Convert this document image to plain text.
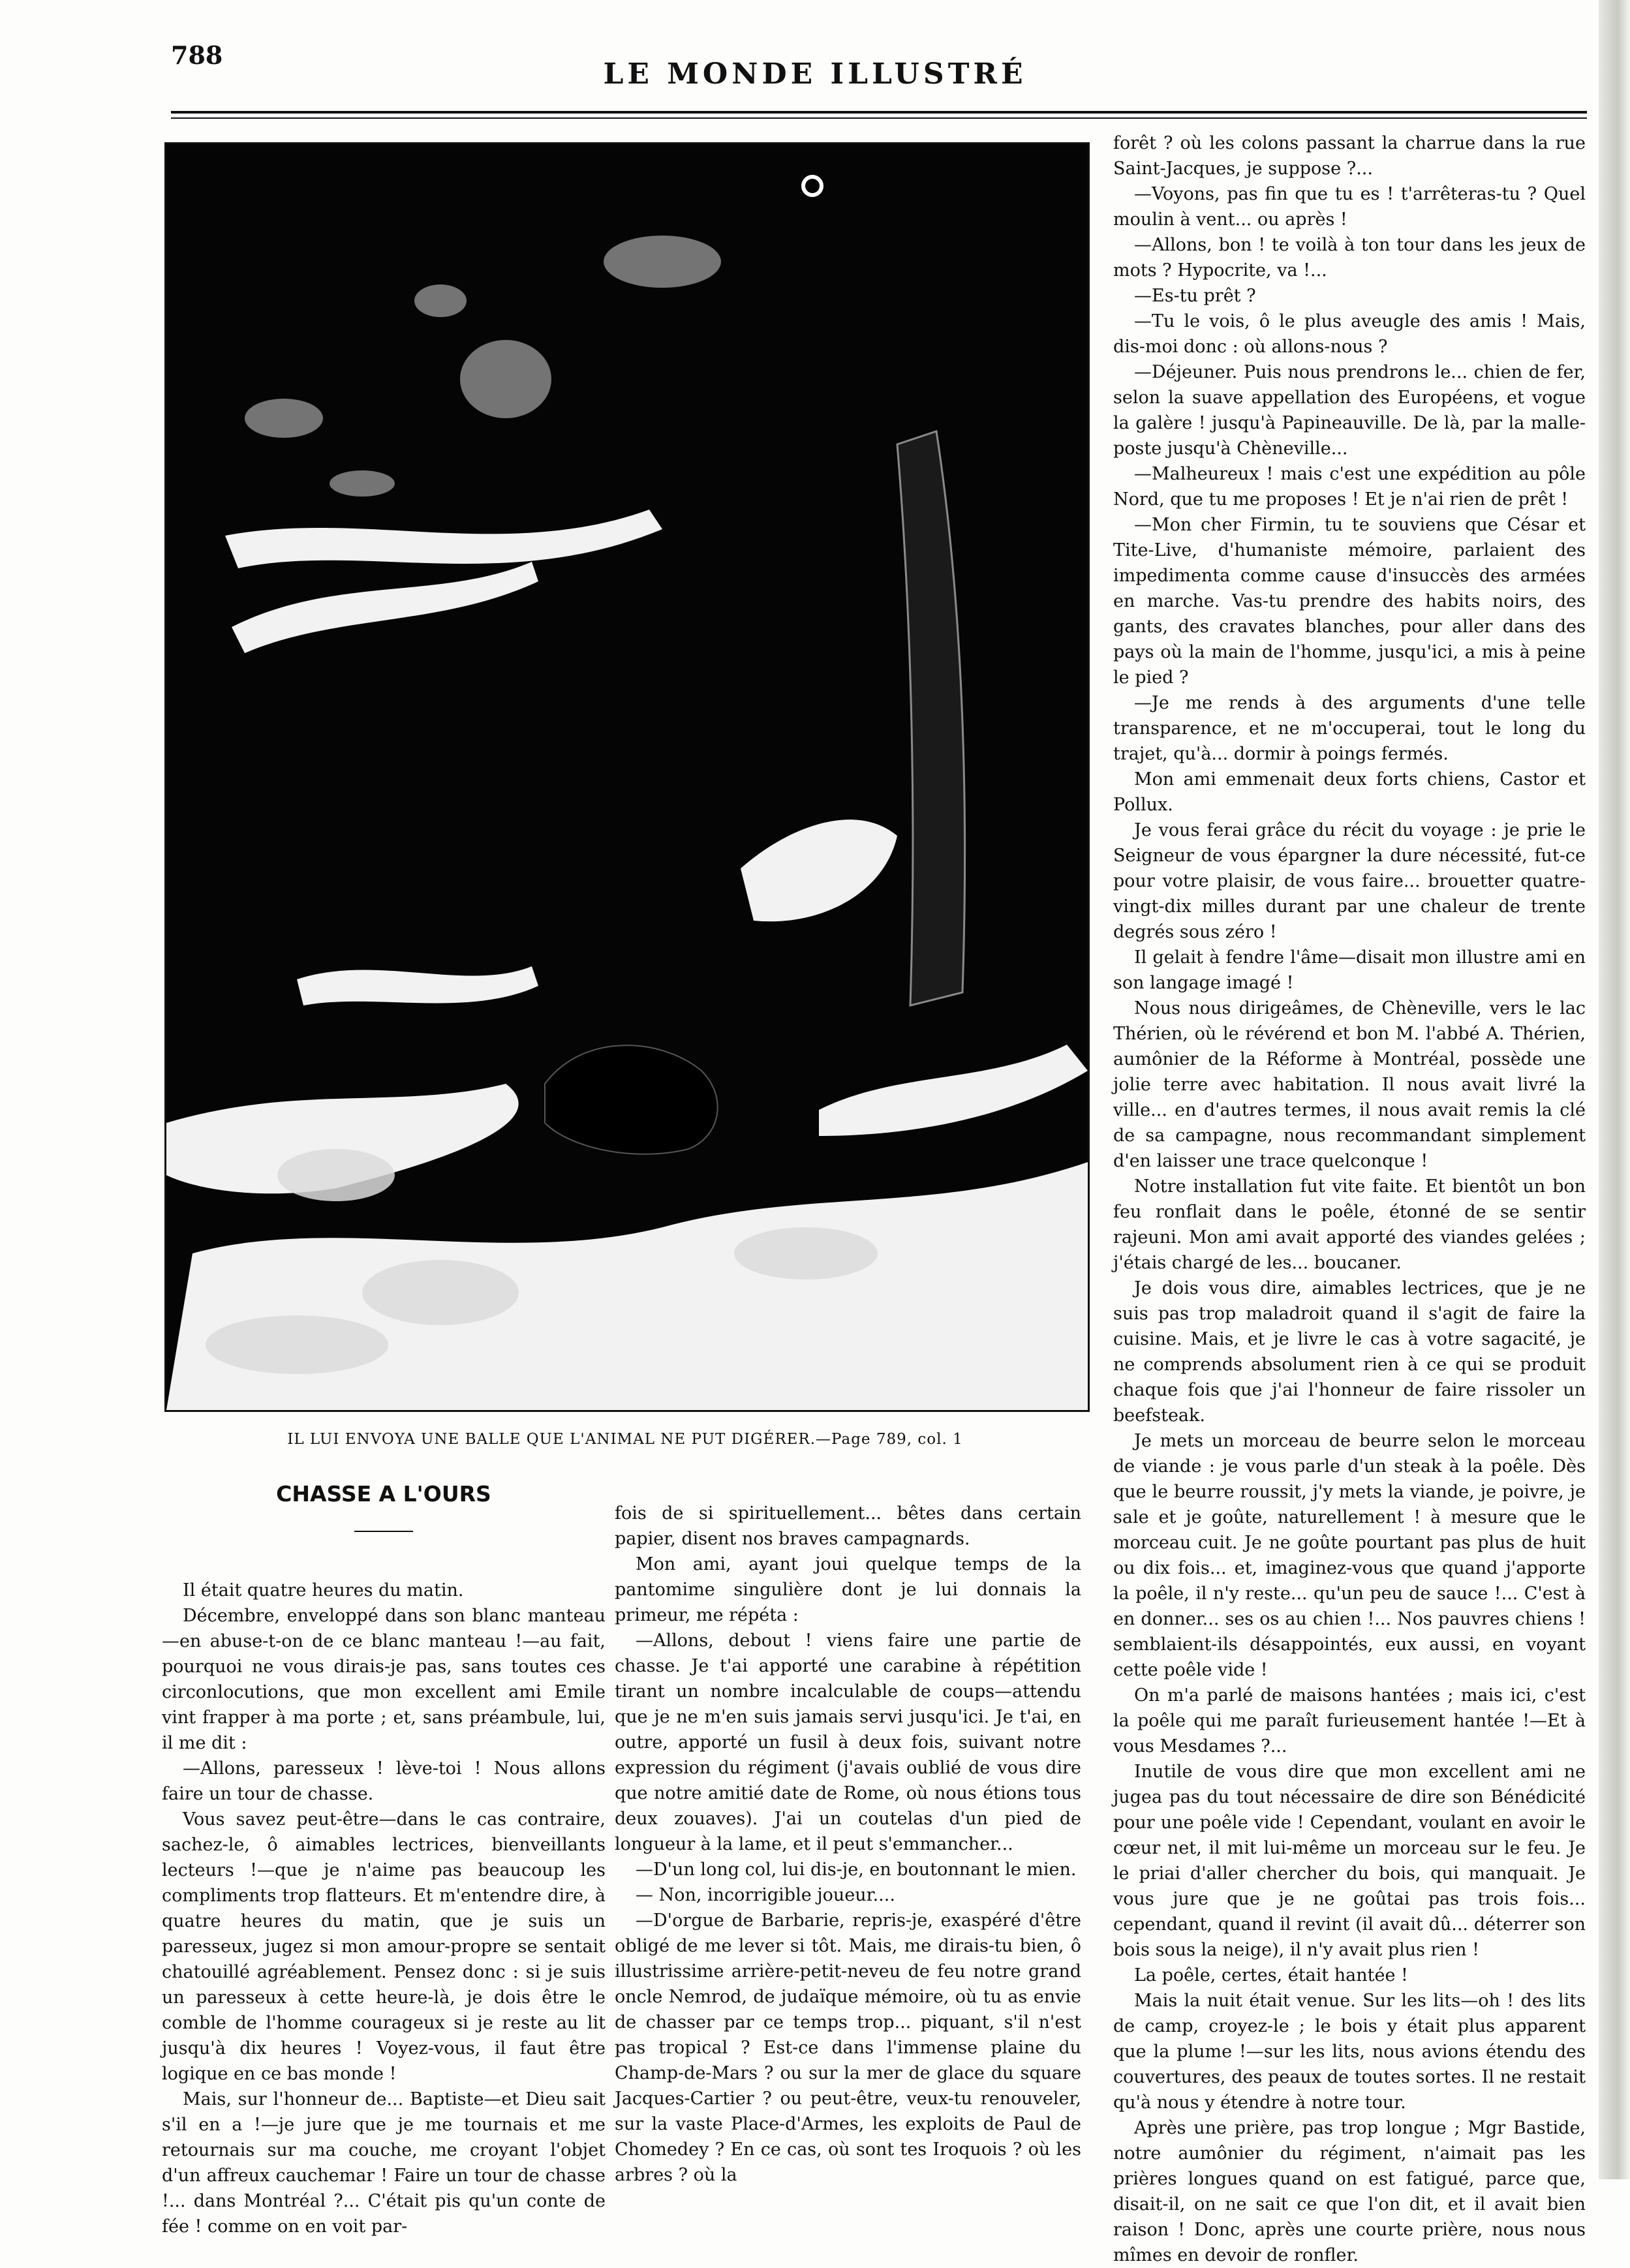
788
LE MONDE ILLUSTRÉ
IL LUI ENVOYA UNE BALLE QUE L'ANIMAL NE PUT DIGÉRER.—Page 789, col. 1
CHASSE A L'OURS

Il était quatre heures du matin.

Décembre, enveloppé dans son blanc manteau—en abuse-t-on de ce blanc manteau !—au fait, pourquoi ne vous dirais-je pas, sans toutes ces circonlocutions, que mon excellent ami Emile vint frapper à ma porte ; et, sans préambule, lui, il me dit :

—Allons, paresseux ! lève-toi ! Nous allons faire un tour de chasse.

Vous savez peut-être—dans le cas contraire, sachez-le, ô aimables lectrices, bienveillants lecteurs !—que je n'aime pas beaucoup les compliments trop flatteurs. Et m'entendre dire, à quatre heures du matin, que je suis un paresseux, jugez si mon amour-propre se sentait chatouillé agréablement. Pensez donc : si je suis un paresseux à cette heure-là, je dois être le comble de l'homme courageux si je reste au lit jusqu'à dix heures ! Voyez-vous, il faut être logique en ce bas monde !

Mais, sur l'honneur de... Baptiste—et Dieu sait s'il en a !—je jure que je me tournais et me retournais sur ma couche, me croyant l'objet d'un affreux cauchemar ! Faire un tour de chasse !... dans Montréal ?... C'était pis qu'un conte de fée ! comme on en voit par-

fois de si spirituellement... bêtes dans certain papier, disent nos braves campagnards.

Mon ami, ayant joui quelque temps de la pantomime singulière dont je lui donnais la primeur, me répéta :

—Allons, debout ! viens faire une partie de chasse. Je t'ai apporté une carabine à répétition tirant un nombre incalculable de coups—attendu que je ne m'en suis jamais servi jusqu'ici. Je t'ai, en outre, apporté un fusil à deux fois, suivant notre expression du régiment (j'avais oublié de vous dire que notre amitié date de Rome, où nous étions tous deux zouaves). J'ai un coutelas d'un pied de longueur à la lame, et il peut s'emmancher...

—D'un long col, lui dis-je, en boutonnant le mien.

— Non, incorrigible joueur....

—D'orgue de Barbarie, repris-je, exaspéré d'être obligé de me lever si tôt. Mais, me dirais-tu bien, ô illustrissime arrière-petit-neveu de feu notre grand oncle Nemrod, de judaïque mémoire, où tu as envie de chasser par ce temps trop... piquant, s'il n'est pas tropical ? Est-ce dans l'immense plaine du Champ-de-Mars ? ou sur la mer de glace du square Jacques-Cartier ? ou peut-être, veux-tu renouveler, sur la vaste Place-d'Armes, les exploits de Paul de Chomedey ? En ce cas, où sont tes Iroquois ? où les arbres ? où la

forêt ? où les colons passant la charrue dans la rue Saint-Jacques, je suppose ?...

—Voyons, pas fin que tu es ! t'arrêteras-tu ? Quel moulin à vent... ou après !

—Allons, bon ! te voilà à ton tour dans les jeux de mots ? Hypocrite, va !...

—Es-tu prêt ?

—Tu le vois, ô le plus aveugle des amis ! Mais, dis-moi donc : où allons-nous ?

—Déjeuner. Puis nous prendrons le... chien de fer, selon la suave appellation des Européens, et vogue la galère ! jusqu'à Papineauville. De là, par la malle-poste jusqu'à Chèneville...

—Malheureux ! mais c'est une expédition au pôle Nord, que tu me proposes ! Et je n'ai rien de prêt !

—Mon cher Firmin, tu te souviens que César et Tite-Live, d'humaniste mémoire, parlaient des impedimenta comme cause d'insuccès des armées en marche. Vas-tu prendre des habits noirs, des gants, des cravates blanches, pour aller dans des pays où la main de l'homme, jusqu'ici, a mis à peine le pied ?

—Je me rends à des arguments d'une telle transparence, et ne m'occuperai, tout le long du trajet, qu'à... dormir à poings fermés.

Mon ami emmenait deux forts chiens, Castor et Pollux.

Je vous ferai grâce du récit du voyage : je prie le Seigneur de vous épargner la dure nécessité, fut-ce pour votre plaisir, de vous faire... brouetter quatre-vingt-dix milles durant par une chaleur de trente degrés sous zéro !

Il gelait à fendre l'âme—disait mon illustre ami en son langage imagé !

Nous nous dirigeâmes, de Chèneville, vers le lac Thérien, où le révérend et bon M. l'abbé A. Thérien, aumônier de la Réforme à Montréal, possède une jolie terre avec habitation. Il nous avait livré la ville... en d'autres termes, il nous avait remis la clé de sa campagne, nous recommandant simplement d'en laisser une trace quelconque !

Notre installation fut vite faite. Et bientôt un bon feu ronflait dans le poêle, étonné de se sentir rajeuni. Mon ami avait apporté des viandes gelées ; j'étais chargé de les... boucaner.

Je dois vous dire, aimables lectrices, que je ne suis pas trop maladroit quand il s'agit de faire la cuisine. Mais, et je livre le cas à votre sagacité, je ne comprends absolument rien à ce qui se produit chaque fois que j'ai l'honneur de faire rissoler un beefsteak.

Je mets un morceau de beurre selon le morceau de viande : je vous parle d'un steak à la poêle. Dès que le beurre roussit, j'y mets la viande, je poivre, je sale et je goûte, naturellement ! à mesure que le morceau cuit. Je ne goûte pourtant pas plus de huit ou dix fois... et, imaginez-vous que quand j'apporte la poêle, il n'y reste... qu'un peu de sauce !... C'est à en donner... ses os au chien !... Nos pauvres chiens ! semblaient-ils désappointés, eux aussi, en voyant cette poêle vide !

On m'a parlé de maisons hantées ; mais ici, c'est la poêle qui me paraît furieusement hantée !—Et à vous Mesdames ?...

Inutile de vous dire que mon excellent ami ne jugea pas du tout nécessaire de dire son Bénédicité pour une poêle vide ! Cependant, voulant en avoir le cœur net, il mit lui-même un morceau sur le feu. Je le priai d'aller chercher du bois, qui manquait. Je vous jure que je ne goûtai pas trois fois... cependant, quand il revint (il avait dû... déterrer son bois sous la neige), il n'y avait plus rien !

La poêle, certes, était hantée !

Mais la nuit était venue. Sur les lits—oh ! des lits de camp, croyez-le ; le bois y était plus apparent que la plume !—sur les lits, nous avions étendu des couvertures, des peaux de toutes sortes. Il ne restait qu'à nous y étendre à notre tour.

Après une prière, pas trop longue ; Mgr Bastide, notre aumônier du régiment, n'aimait pas les prières longues quand on est fatigué, parce que, disait-il, on ne sait ce que l'on dit, et il avait bien raison ! Donc, après une courte prière, nous nous mîmes en devoir de ronfler.
